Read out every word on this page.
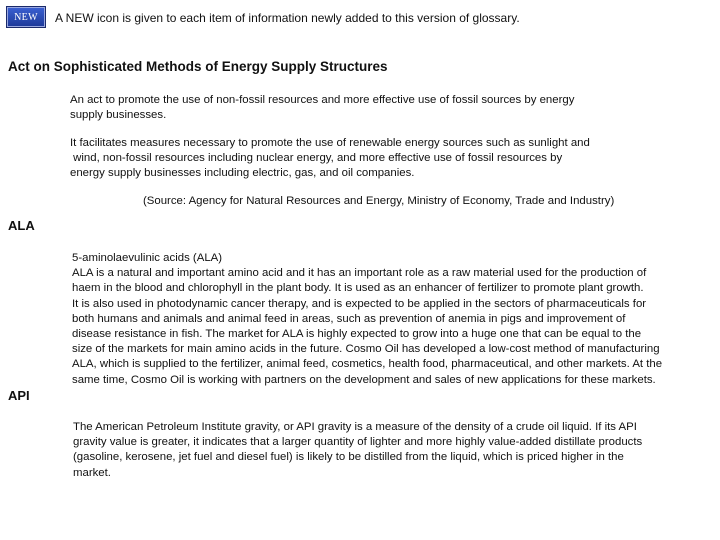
NEW	A NEW icon is given to each item of information newly added to this version of glossary.
Act on Sophisticated Methods of Energy Supply Structures

An act to promote the use of non-fossil resources and more effective use of fossil sources by energy
supply businesses.

It facilitates measures necessary to promote the use of renewable energy sources such as sunlight and
wind, non-fossil resources including nuclear energy, and more effective use of fossil resources by
energy supply businesses including electric, gas, and oil companies.

(Source: Agency for Natural Resources and Energy, Ministry of Economy, Trade and Industry)

ALA

5-aminolaevulinic acids (ALA)
ALA is a natural and important amino acid and it has an important role as a raw material used for the production of
haem in the blood and chlorophyll in the plant body. It is used as an enhancer of fertilizer to promote plant growth.
It is also used in photodynamic cancer therapy, and is expected to be applied in the sectors of pharmaceuticals for
both humans and animals and animal feed in areas, such as prevention of anemia in pigs and improvement of
disease resistance in fish. The market for ALA is highly expected to grow into a huge one that can be equal to the
size of the markets for main amino acids in the future. Cosmo Oil has developed a low-cost method of manufacturing
ALA, which is supplied to the fertilizer, animal feed, cosmetics, health food, pharmaceutical, and other markets. At the
same time, Cosmo Oil is working with partners on the development and sales of new applications for these markets.

API

The American Petroleum Institute gravity, or API gravity is a measure of the density of a crude oil liquid. If its API
gravity value is greater, it indicates that a larger quantity of lighter and more highly value-added distillate products
(gasoline, kerosene, jet fuel and diesel fuel) is likely to be distilled from the liquid, which is priced higher in the
market.
